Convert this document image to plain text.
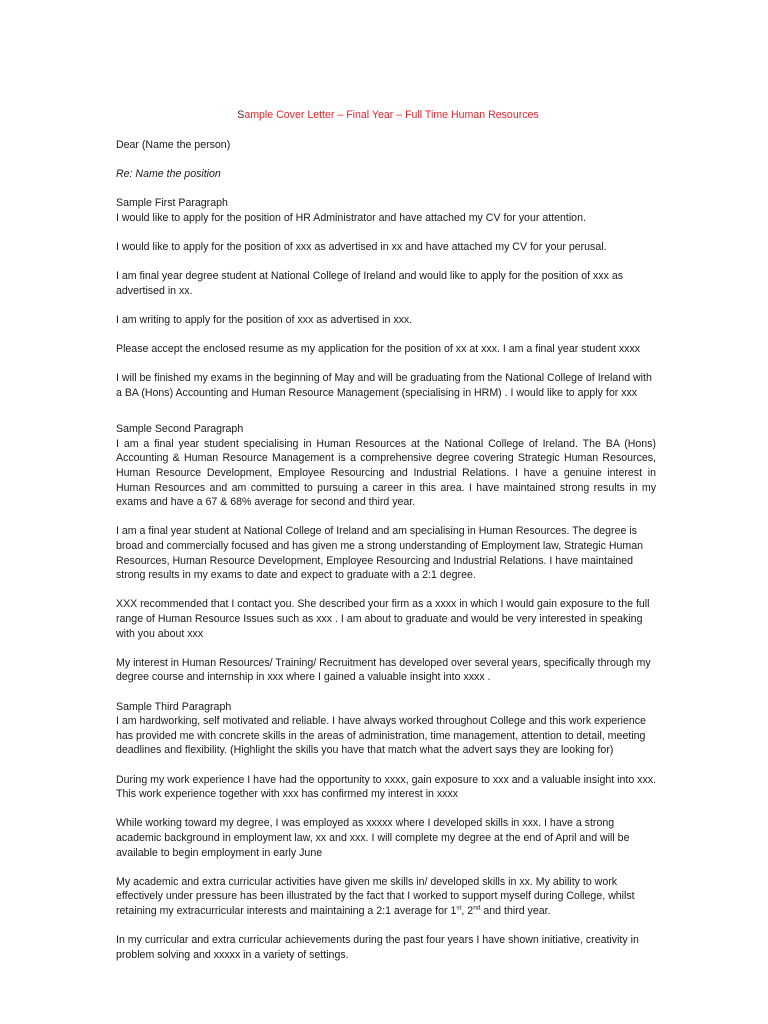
Sample Cover Letter – Final Year – Full Time Human Resources

Dear (Name the person)

Re: Name the position

Sample First Paragraph

I would like to apply for the position of HR Administrator and have attached my CV for your attention.

I would like to apply for the position of xxx as advertised in xx and have attached my CV for your perusal.

I am final year degree student at National College of Ireland and would like to apply for the position of xxx as advertised in xx.

I am writing to apply for the position of xxx as advertised in xxx.

Please accept the enclosed resume as my application for the position of xx at xxx. I am a final year student xxxx

I will be finished my exams in the beginning of May and will be graduating from the National College of Ireland with a BA (Hons) Accounting and Human Resource Management (specialising in HRM) . I would like to apply for xxx

Sample Second Paragraph

I am a final year student specialising in Human Resources at the National College of Ireland. The BA (Hons) Accounting & Human Resource Management is a comprehensive degree covering Strategic Human Resources, Human Resource Development, Employee Resourcing and Industrial Relations. I have a genuine interest in Human Resources and am committed to pursuing a career in this area. I have maintained strong results in my exams and have a 67 & 68% average for second and third year.

I am a final year student at National College of Ireland and am specialising in Human Resources. The degree is broad and commercially focused and has given me a strong understanding of Employment law, Strategic Human Resources, Human Resource Development, Employee Resourcing and Industrial Relations. I have maintained strong results in my exams to date and expect to graduate with a 2:1 degree.

XXX recommended that I contact you. She described your firm as a xxxx in which I would gain exposure to the full range of Human Resource Issues such as xxx . I am about to graduate and would be very interested in speaking with you about xxx

My interest in Human Resources/ Training/ Recruitment has developed over several years, specifically through my degree course and internship in xxx where I gained a valuable insight into xxxx .

Sample Third Paragraph

I am hardworking, self motivated and reliable. I have always worked throughout College and this work experience has provided me with concrete skills in the areas of administration, time management, attention to detail, meeting deadlines and flexibility. (Highlight the skills you have that match what the advert says they are looking for)

During my work experience I have had the opportunity to xxxx, gain exposure to xxx and a valuable insight into xxx. This work experience together with xxx has confirmed my interest in xxxx

While working toward my degree, I was employed as xxxxx where I developed skills in xxx. I have a strong academic background in employment law, xx and xxx. I will complete my degree at the end of April and will be available to begin employment in early June

My academic and extra curricular activities have given me skills in/ developed skills in xx. My ability to work effectively under pressure has been illustrated by the fact that I worked to support myself during College, whilst retaining my extracurricular interests and maintaining a 2:1 average for 1st, 2nd and third year.

In my curricular and extra curricular achievements during the past four years I have shown initiative, creativity in problem solving and xxxxx in a variety of settings.
